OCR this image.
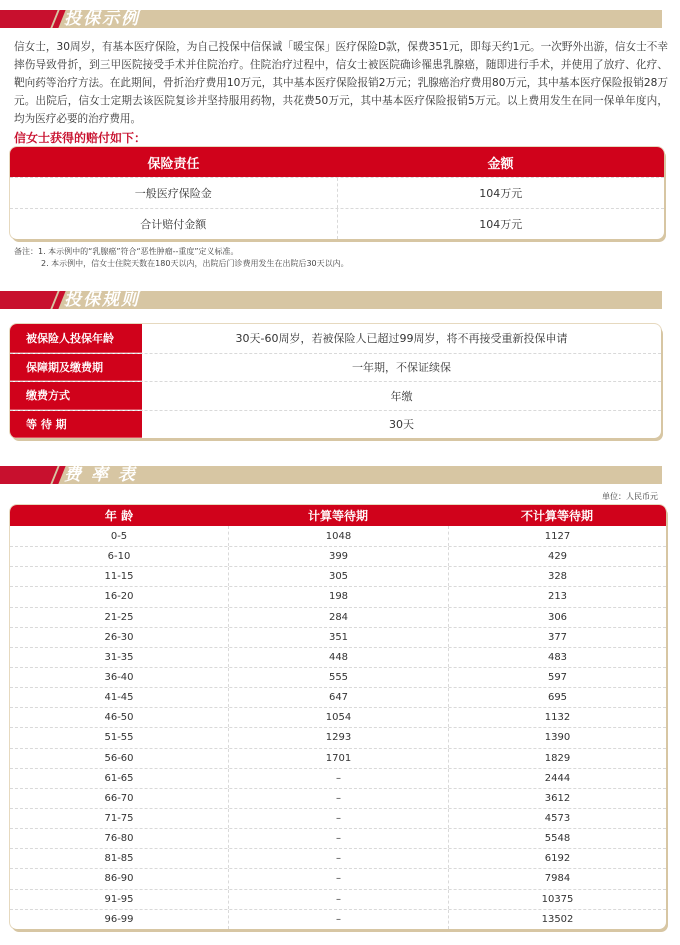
投保示例
信女士，30周岁，有基本医疗保险，为自己投保中信保诚「暖宝保」医疗保险D款，保费351元，即每天约1元。一次野外出游，信女士不幸摔伤导致骨折，到三甲医院接受手术并住院治疗。住院治疗过程中，信女士被医院确诊罹患乳腺癌，随即进行手术，并使用了放疗、化疗、靶向药等治疗方法。在此期间，骨折治疗费用10万元，其中基本医疗保险报销2万元；乳腺癌治疗费用80万元，其中基本医疗保险报销28万元。出院后，信女士定期去该医院复诊并坚持服用药物，共花费50万元，其中基本医疗保险报销5万元。以上费用发生在同一保单年度内，均为医疗必要的治疗费用。
信女士获得的赔付如下：
保险责任	金额
一般医疗保险金	104万元
合计赔付金额	104万元
备注：1. 本示例中的“乳腺癌”符合“恶性肿瘤--重度”定义标准。
2. 本示例中，信女士住院天数在180天以内，出院后门诊费用发生在出院后30天以内。
投保规则
被保险人投保年龄	30天-60周岁，若被保险人已超过99周岁，将不再接受重新投保申请
保障期及缴费期	一年期，不保证续保
缴费方式	年缴
等 待 期	30天
费 率 表
单位：人民币元
年 龄	计算等待期	不计算等待期
0-5	1048	1127
6-10	399	429
11-15	305	328
16-20	198	213
21-25	284	306
26-30	351	377
31-35	448	483
36-40	555	597
41-45	647	695
46-50	1054	1132
51-55	1293	1390
56-60	1701	1829
61-65	–	2444
66-70	–	3612
71-75	–	4573
76-80	–	5548
81-85	–	6192
86-90	–	7984
91-95	–	10375
96-99	–	13502
